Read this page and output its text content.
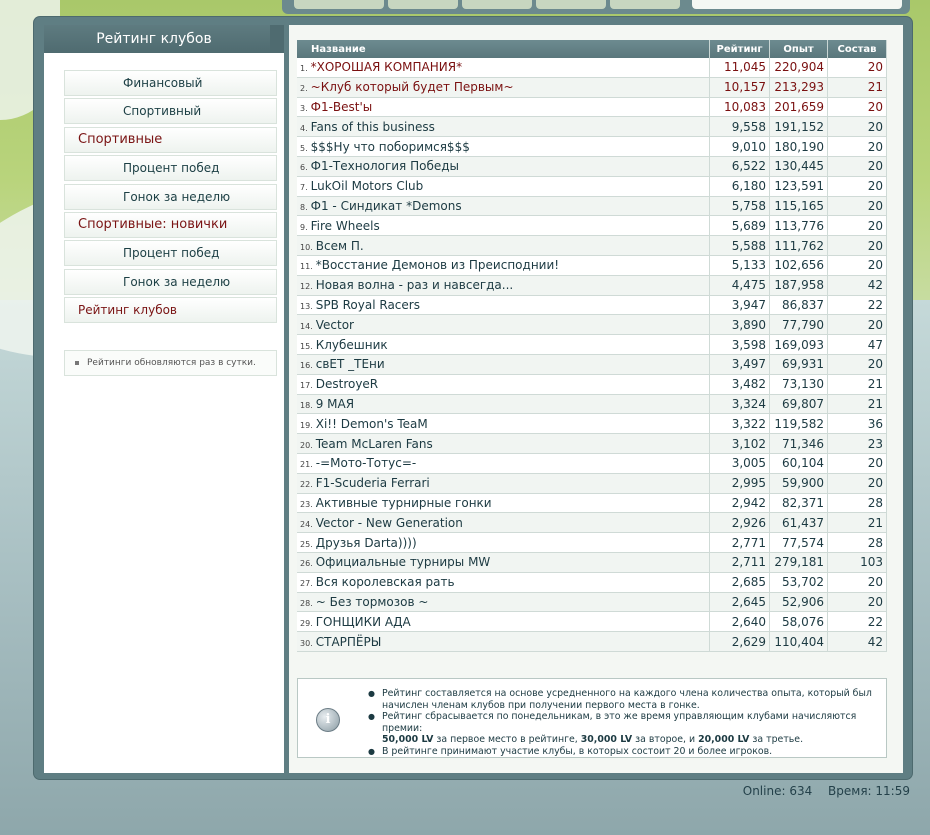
Рейтинг клубов
Финансовый
Спортивный
Спортивные
Процент побед
Гонок за неделю
Спортивные: новички
Процент побед
Гонок за неделю
Рейтинг клубов
Рейтинги обновляются раз в сутки.
Название	Рейтинг	Опыт	Состав
1. *ХОРОШАЯ КОМПАНИЯ*	11,045	220,904	20
2. ~Клуб который будет Первым~	10,157	213,293	21
3. Ф1-Best'ы	10,083	201,659	20
4. Fans of this business	9,558	191,152	20
5. $$$Ну что поборимся$$$	9,010	180,190	20
6. Ф1-Технология Победы	6,522	130,445	20
7. LukOil Motors Club	6,180	123,591	20
8. Ф1 - Синдикат *Demons	5,758	115,165	20
9. Fire Wheels	5,689	113,776	20
10. Всем П.	5,588	111,762	20
11. *Восстание Демонов из Преисподнии!	5,133	102,656	20
12. Новая волна - раз и навсегда...	4,475	187,958	42
13. SPB Royal Racers	3,947	86,837	22
14. Vector	3,890	77,790	20
15. Клубешник	3,598	169,093	47
16. свЕТ _ТЕни	3,497	69,931	20
17. DestroyeR	3,482	73,130	21
18. 9 МАЯ	3,324	69,807	21
19. Xi!! Demon's TeaM	3,322	119,582	36
20. Team McLaren Fans	3,102	71,346	23
21. -=Мото-Тотус=-	3,005	60,104	20
22. F1-Scuderia Ferrari	2,995	59,900	20
23. Активные турнирные гонки	2,942	82,371	28
24. Vector - New Generation	2,926	61,437	21
25. Друзья Darta))))	2,771	77,574	28
26. Официальные турниры MW	2,711	279,181	103
27. Вся королевская рать	2,685	53,702	20
28. ~ Без тормозов ~	2,645	52,906	20
29. ГОНЩИКИ АДА	2,640	58,076	22
30. СТАРПЁРЫ	2,629	110,404	42
i
● Рейтинг составляется на основе усредненного на каждого члена количества опыта, который был начислен членам клубов при получении первого места в гонке.
● Рейтинг сбрасывается по понедельникам, в это же время управляющим клубами начисляются премии:
50,000 LV за первое место в рейтинге, 30,000 LV за второе, и 20,000 LV за третье.
● В рейтинге принимают участие клубы, в которых состоит 20 и более игроков.
Online: 634 Время: 11:59
